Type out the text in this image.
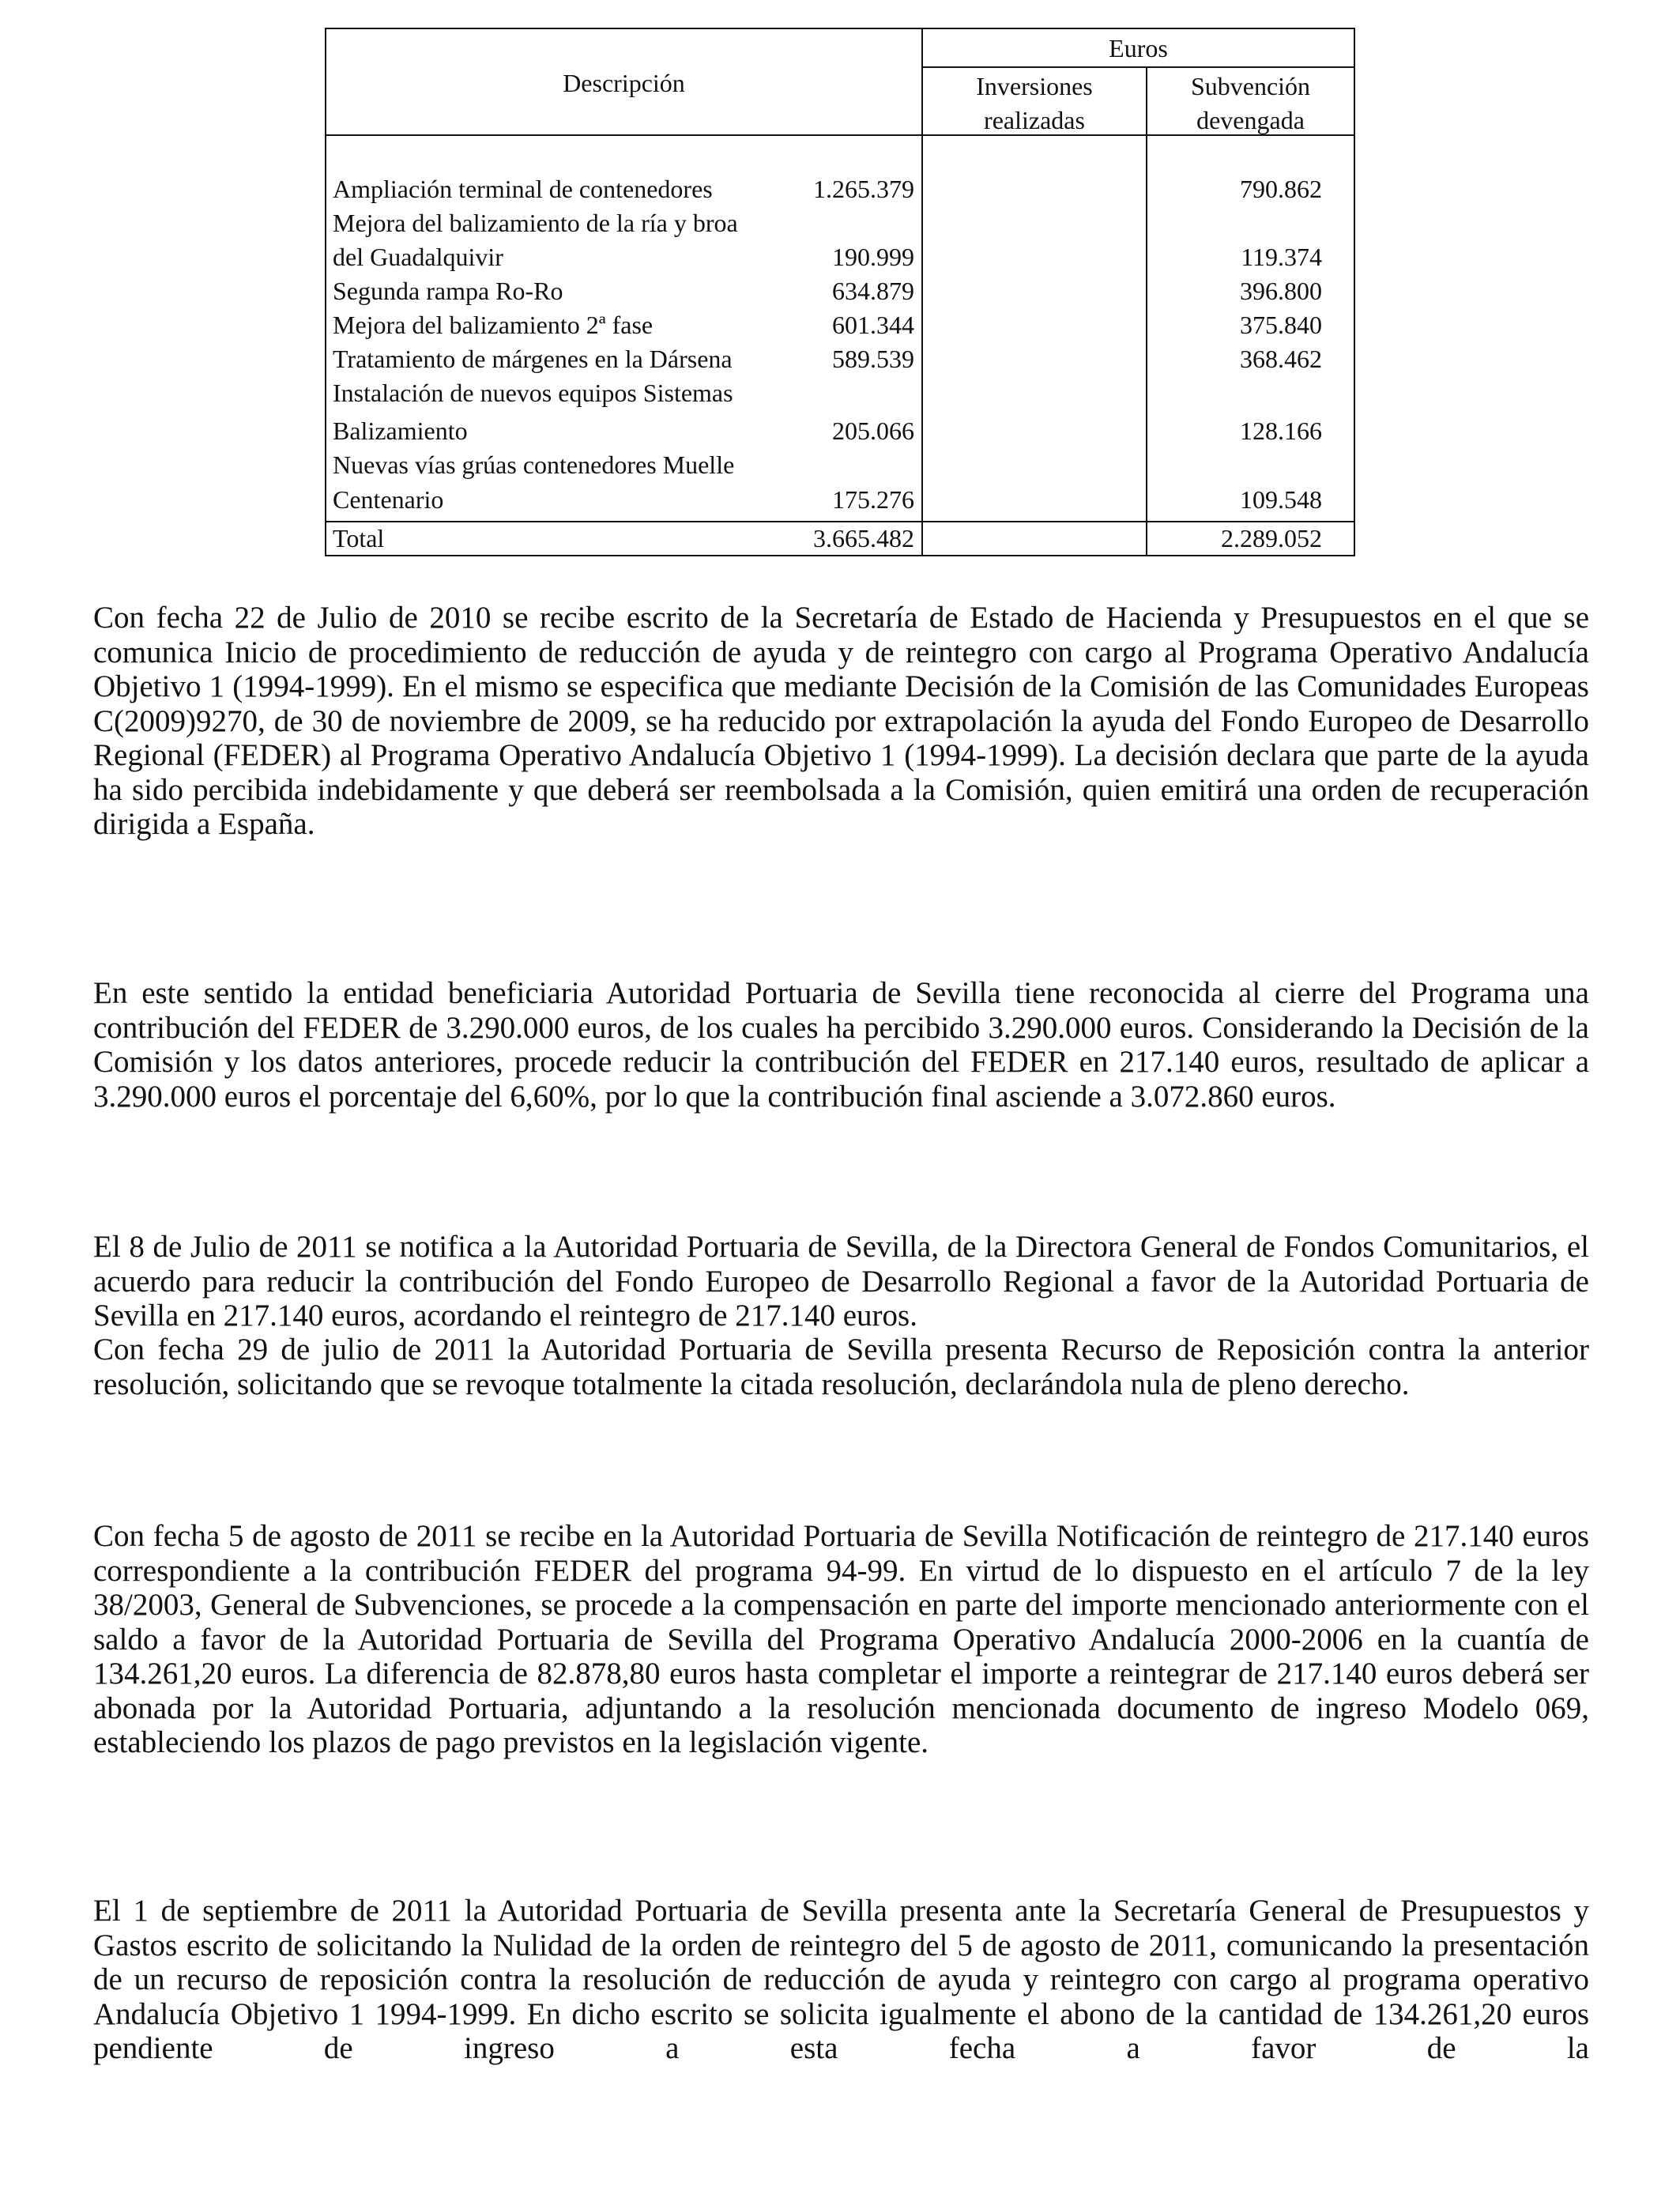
Descripción
Euros
Inversiones
realizadas
Subvención
devengada
Ampliación terminal de contenedores	1.265.379	790.862
Mejora del balizamiento de la ría y broa
del Guadalquivir	190.999	119.374
Segunda rampa Ro-Ro	634.879	396.800
Mejora del balizamiento 2ª fase	601.344	375.840
Tratamiento de márgenes en la Dársena	589.539	368.462
Instalación de nuevos equipos Sistemas
Balizamiento	205.066	128.166
Nuevas vías grúas contenedores Muelle
Centenario	175.276	109.548
Total	3.665.482	2.289.052

Con fecha 22 de Julio de 2010 se recibe escrito de la Secretaría de Estado de Hacienda y Presupuestos en el que se comunica Inicio de procedimiento de reducción de ayuda y de reintegro con cargo al Programa Operativo Andalucía Objetivo 1 (1994-1999). En el mismo se especifica que mediante Decisión de la Comisión de las Comunidades Europeas C(2009)9270, de 30 de noviembre de 2009, se ha reducido por extrapolación la ayuda del Fondo Europeo de Desarrollo Regional (FEDER) al Programa Operativo Andalucía Objetivo 1 (1994-1999). La decisión declara que parte de la ayuda ha sido percibida indebidamente y que deberá ser reembolsada a la Comisión, quien emitirá una orden de recuperación dirigida a España.

En este sentido la entidad beneficiaria Autoridad Portuaria de Sevilla tiene reconocida al cierre del Programa una contribución del FEDER de 3.290.000 euros, de los cuales ha percibido 3.290.000 euros. Considerando la Decisión de la Comisión y los datos anteriores, procede reducir la contribución del FEDER en 217.140 euros, resultado de aplicar a 3.290.000 euros el porcentaje del 6,60%, por lo que la contribución final asciende a 3.072.860 euros.

El 8 de Julio de 2011 se notifica a la Autoridad Portuaria de Sevilla, de la Directora General de Fondos Comunitarios, el acuerdo para reducir la contribución del Fondo Europeo de Desarrollo Regional a favor de la Autoridad Portuaria de Sevilla en 217.140 euros, acordando el reintegro de 217.140 euros.

Con fecha 29 de julio de 2011 la Autoridad Portuaria de Sevilla presenta Recurso de Reposición contra la anterior resolución, solicitando que se revoque totalmente la citada resolución, declarándola nula de pleno derecho.

Con fecha 5 de agosto de 2011 se recibe en la Autoridad Portuaria de Sevilla Notificación de reintegro de 217.140 euros correspondiente a la contribución FEDER del programa 94-99. En virtud de lo dispuesto en el artículo 7 de la ley 38/2003, General de Subvenciones, se procede a la compensación en parte del importe mencionado anteriormente con el saldo a favor de la Autoridad Portuaria de Sevilla del Programa Operativo Andalucía 2000-2006 en la cuantía de 134.261,20 euros. La diferencia de 82.878,80 euros hasta completar el importe a reintegrar de 217.140 euros deberá ser abonada por la Autoridad Portuaria, adjuntando a la resolución mencionada documento de ingreso Modelo 069, estableciendo los plazos de pago previstos en la legislación vigente.

El 1 de septiembre de 2011 la Autoridad Portuaria de Sevilla presenta ante la Secretaría General de Presupuestos y Gastos escrito de solicitando la Nulidad de la orden de reintegro del 5 de agosto de 2011, comunicando la presentación de un recurso de reposición contra la resolución de reducción de ayuda y reintegro con cargo al programa operativo Andalucía Objetivo 1 1994-1999. En dicho escrito se solicita igualmente el abono de la cantidad de 134.261,20 euros pendiente de ingreso a esta fecha a favor de la
